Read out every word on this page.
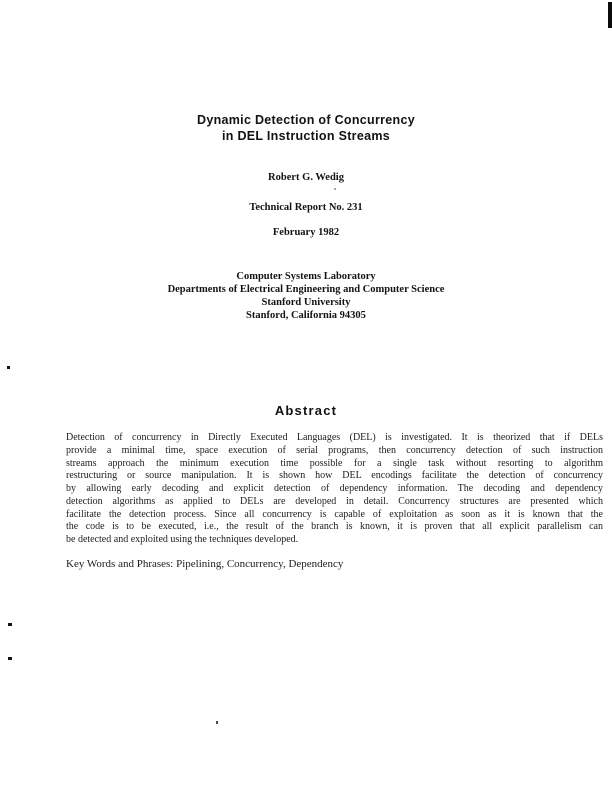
Dynamic Detection of Concurrency
in DEL Instruction Streams
Robert G. Wedig
Technical Report No. 231
February 1982
Computer Systems Laboratory
Departments of Electrical Engineering and Computer Science
Stanford University
Stanford, California 94305
Abstract
Detection of concurrency in Directly Executed Languages (DEL) is investigated. It is theorized that if DELs
provide a minimal time, space execution of serial programs, then concurrency detection of such instruction
streams approach the minimum execution time possible for a single task without resorting to algorithm
restructuring or source manipulation. It is shown how DEL encodings facilitate the detection of concurrency
by allowing early decoding and explicit detection of dependency information. The decoding and dependency
detection algorithms as applied to DELs are developed in detail. Concurrency structures are presented which
facilitate the detection process. Since all concurrency is capable of exploitation as soon as it is known that the
the code is to be executed, i.e., the result of the branch is known, it is proven that all explicit parallelism can
be detected and exploited using the techniques developed.
Key Words and Phrases: Pipelining, Concurrency, Dependency
